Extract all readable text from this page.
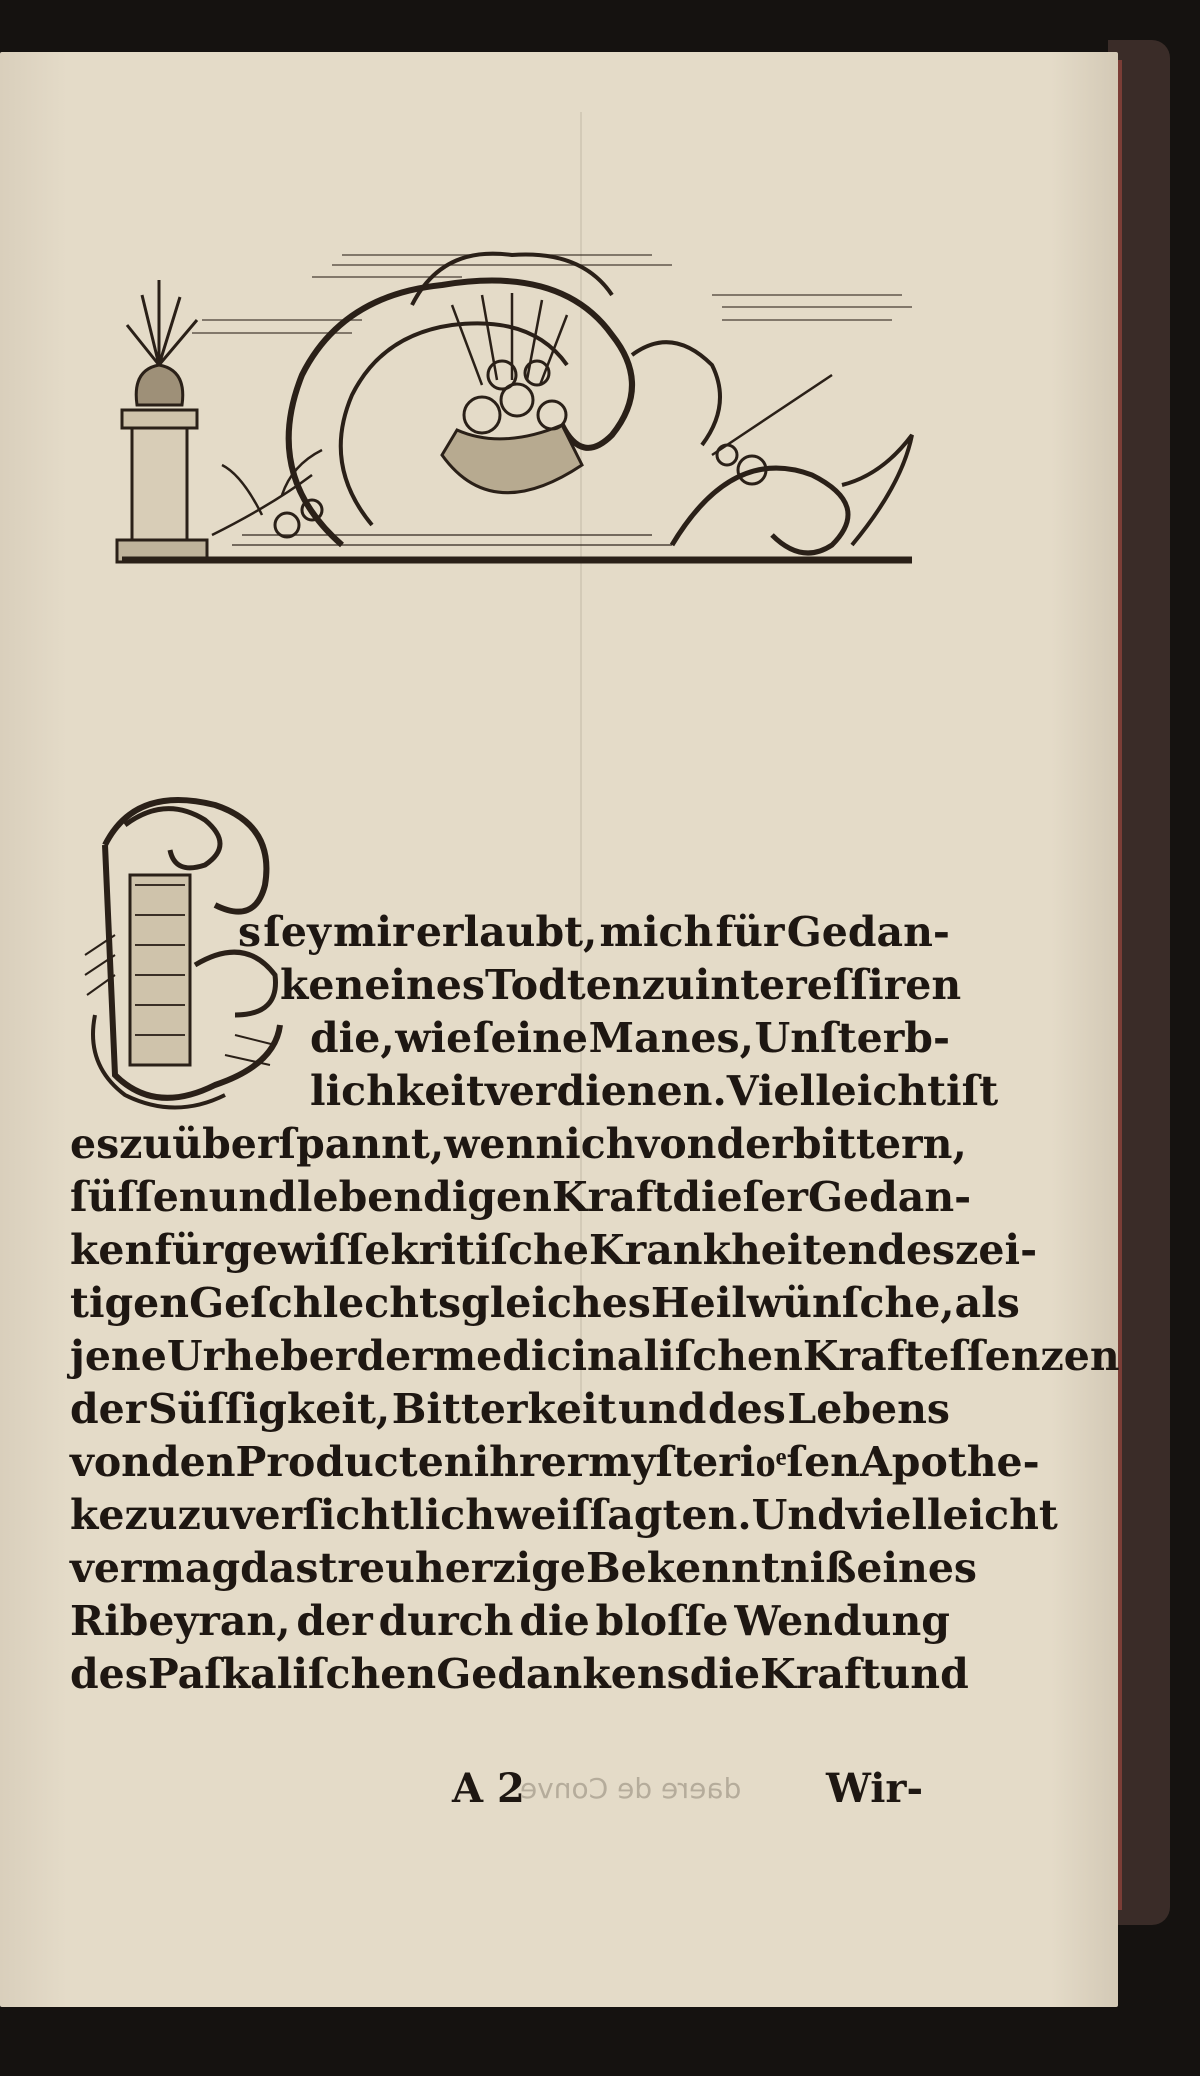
s ſey mir erlaubt, mich für Gedan-
ken eines Todten zu intereſſiren
die, wie ſeine Manes, Unſterb-
lichkeit verdienen. Vielleicht iſt
es zu überſpannt, wenn ich von der bittern,
ſüſſen und lebendigen Kraft dieſer Gedan-
ken für gewiſſe kritiſche Krankheiten des zei-
tigen Geſchlechts gleiches Heil wünſche, als
jene Urheber der medicinaliſchen Krafteſſenzen
der Süſſigkeit, Bitterkeit und des Lebens
von den Producten ihrer myſterioͤſen Apothe-
ke zu zuverſichtlich weiſſagten. Und vielleicht
vermag das treuherzige Bekenntniß eines
Ribeyran, der durch die bloſſe Wendung
des Paſkaliſchen Gedankens die Kraft und
daere de Conve
A 2	Wir-
